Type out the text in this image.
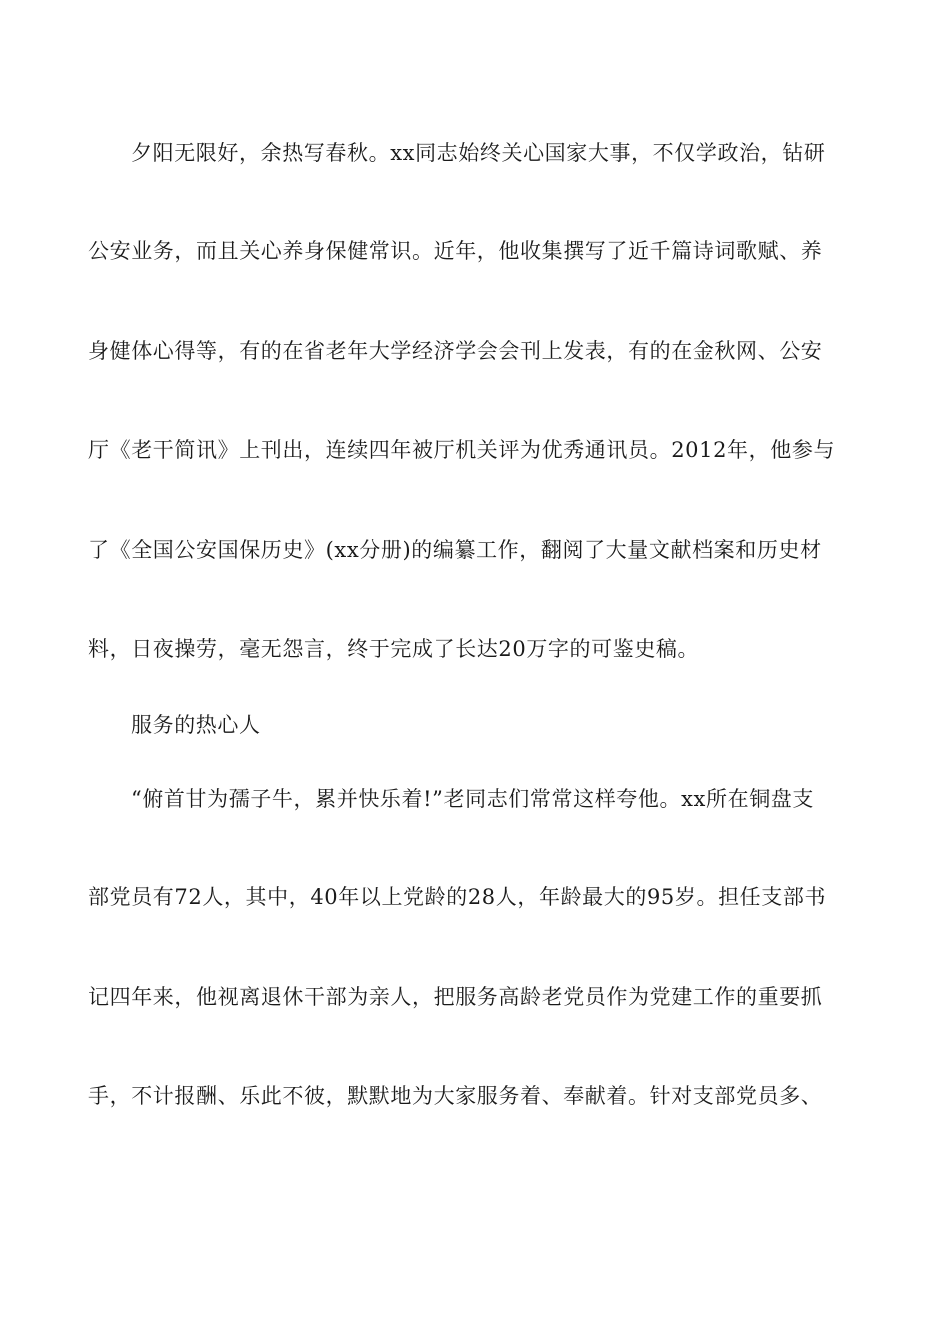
夕阳无限好，余热写春秋。xx同志始终关心国家大事，不仅学政治，钻研
公安业务，而且关心养身保健常识。近年，他收集撰写了近千篇诗词歌赋、养
身健体心得等，有的在省老年大学经济学会会刊上发表，有的在金秋网、公安
厅《老干简讯》上刊出，连续四年被厅机关评为优秀通讯员。2012年，他参与
了《全国公安国保历史》(xx分册)的编纂工作，翻阅了大量文献档案和历史材
料，日夜操劳，毫无怨言，终于完成了长达20万字的可鉴史稿。
服务的热心人
“俯首甘为孺子牛，累并快乐着!”老同志们常常这样夸他。xx所在铜盘支
部党员有72人，其中，40年以上党龄的28人，年龄最大的95岁。担任支部书
记四年来，他视离退休干部为亲人，把服务高龄老党员作为党建工作的重要抓
手，不计报酬、乐此不彼，默默地为大家服务着、奉献着。针对支部党员多、
